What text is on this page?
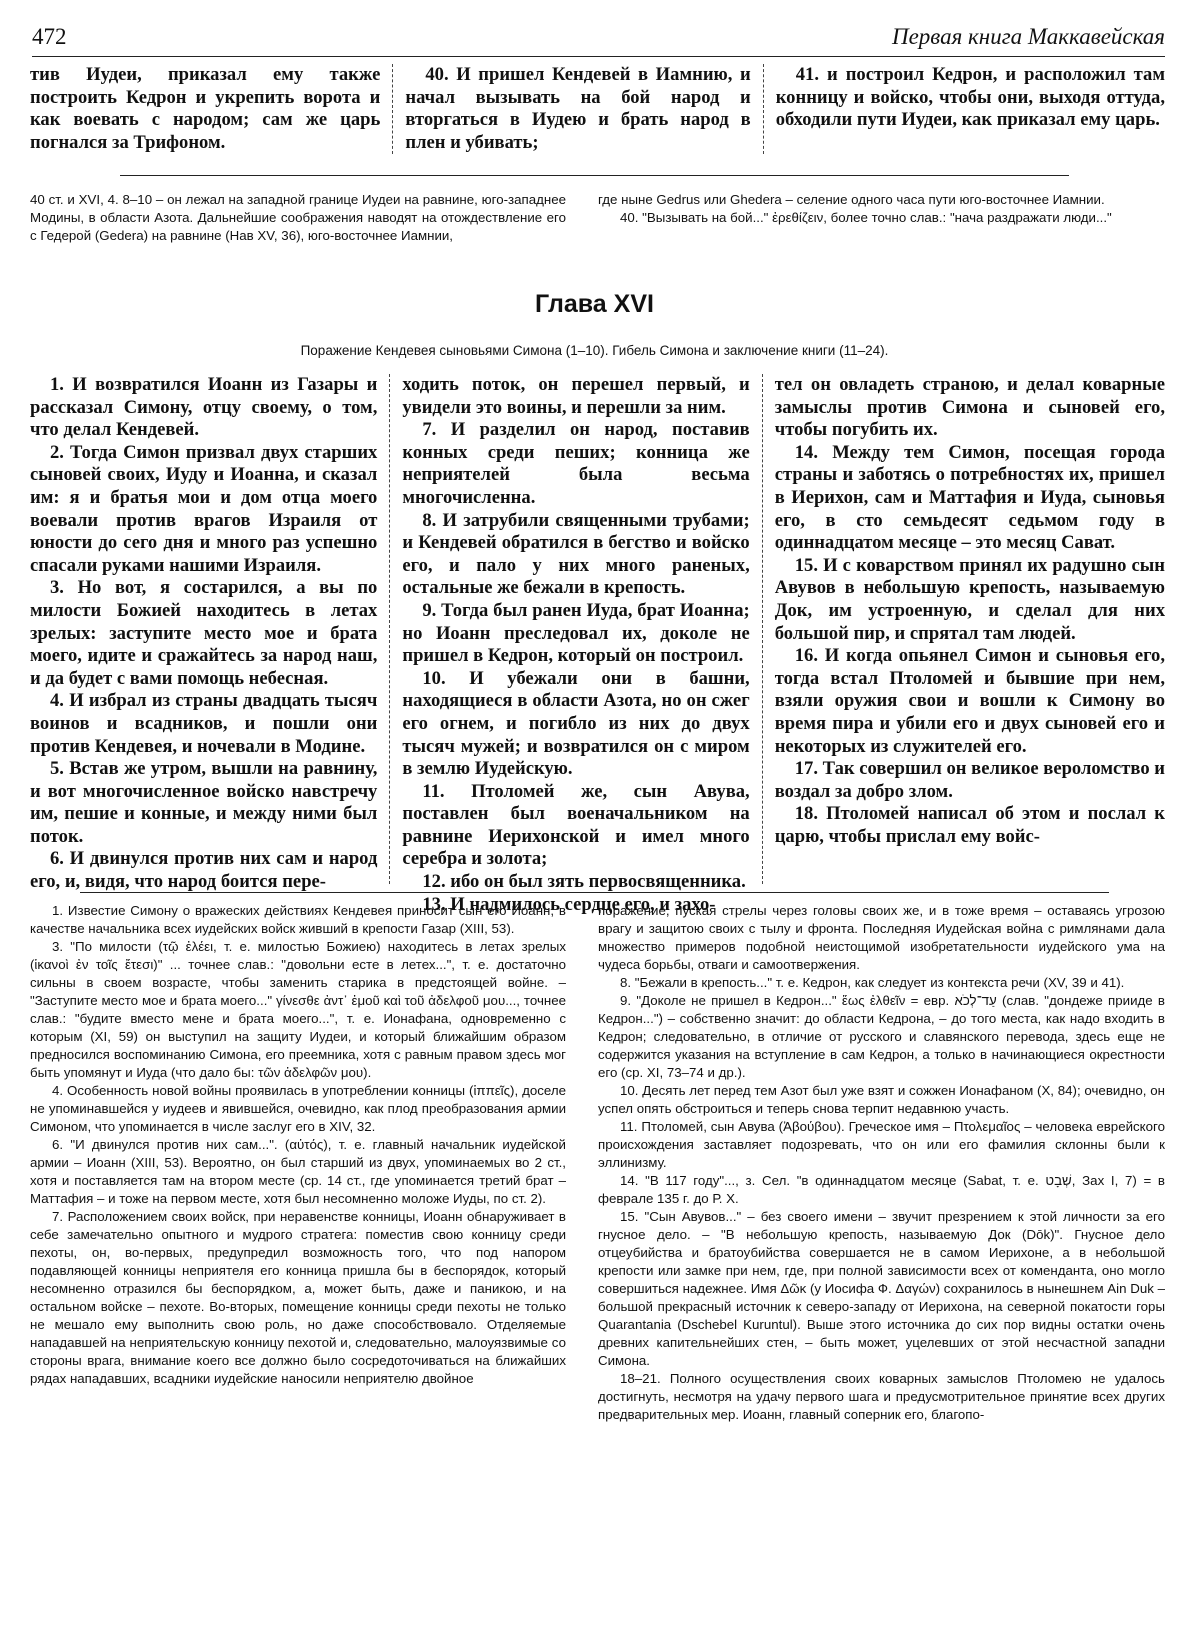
472	Первая книга Маккавейская

тив Иудеи, приказал ему также построить Кедрон и укрепить ворота и как воевать с народом; сам же царь погнался за Трифоном.

40. И пришел Кендевей в Иамнию, и начал вызывать на бой народ и вторгаться в Иудею и брать народ в плен и убивать;

41. и построил Кедрон, и расположил там конницу и войско, чтобы они, выходя оттуда, обходили пути Иудеи, как приказал ему царь.

40 ст. и XVI, 4. 8–10 – он лежал на западной границе Иудеи на равнине, юго-западнее Модины, в области Азота. Дальнейшие соображения наводят на отождествление его с Гедерой (Gedera) на равнине (Нав XV, 36), юго-восточнее Иамнии,

где ныне Gedrus или Ghedera – селение одного часа пути юго-восточнее Иамнии.

40. "Вызывать на бой..." ἐρεθίζειν, более точно слав.: "нача раздражати люди..."

Глава XVI
Поражение Кендевея сыновьями Симона (1–10). Гибель Симона и заключение книги (11–24).

1. И возвратился Иоанн из Газары и рассказал Симону, отцу своему, о том, что делал Кендевей.

2. Тогда Симон призвал двух старших сыновей своих, Иуду и Иоанна, и сказал им: я и братья мои и дом отца моего воевали против врагов Израиля от юности до сего дня и много раз успешно спасали руками нашими Израиля.

3. Но вот, я состарился, а вы по милости Божией находитесь в летах зрелых: заступите место мое и брата моего, идите и сражайтесь за народ наш, и да будет с вами помощь небесная.

4. И избрал из страны двадцать тысяч воинов и всадников, и пошли они против Кендевея, и ночевали в Модине.

5. Встав же утром, вышли на равнину, и вот многочисленное войско навстречу им, пешие и конные, и между ними был поток.

6. И двинулся против них сам и народ его, и, видя, что народ боится пере-

ходить поток, он перешел первый, и увидели это воины, и перешли за ним.

7. И разделил он народ, поставив конных среди пеших; конница же неприятелей была весьма многочисленна.

8. И затрубили священными трубами; и Кендевей обратился в бегство и войско его, и пало у них много раненых, остальные же бежали в крепость.

9. Тогда был ранен Иуда, брат Иоанна; но Иоанн преследовал их, доколе не пришел в Кедрон, который он построил.

10. И убежали они в башни, находящиеся в области Азота, но он сжег его огнем, и погибло из них до двух тысяч мужей; и возвратился он с миром в землю Иудейскую.

11. Птоломей же, сын Авува, поставлен был военачальником на равнине Иерихонской и имел много серебра и золота;

12. ибо он был зять первосвященника.

13. И надмилось сердце его, и захо-

тел он овладеть страною, и делал коварные замыслы против Симона и сыновей его, чтобы погубить их.

14. Между тем Симон, посещая города страны и заботясь о потребностях их, пришел в Иерихон, сам и Маттафия и Иуда, сыновья его, в сто семьдесят седьмом году в одиннадцатом месяце – это месяц Сават.

15. И с коварством принял их радушно сын Авувов в небольшую крепость, называемую Док, им устроенную, и сделал для них большой пир, и спрятал там людей.

16. И когда опьянел Симон и сыновья его, тогда встал Птоломей и бывшие при нем, взяли оружия свои и вошли к Симону во время пира и убили его и двух сыновей его и некоторых из служителей его.

17. Так совершил он великое вероломство и воздал за добро злом.

18. Птоломей написал об этом и послал к царю, чтобы прислал ему войс-

1. Известие Симону о вражеских действиях Кендевея приносит сын его Иоанн, в качестве начальника всех иудейских войск живший в крепости Газар (XIII, 53).

3. "По милости (τῷ ἐλέει, т. е. милостью Божиею) находитесь в летах зрелых (ἱκανοὶ ἐν τοῖς ἔτεσι)" ... точнее слав.: "довольни есте в летех...", т. е. достаточно сильны в своем возрасте, чтобы заменить старика в предстоящей войне. – "Заступите место мое и брата моего..." γίνεσθε ἀντ᾽ ἐμοῦ καὶ τοῦ ἀδελφοῦ μου..., точнее слав.: "будите вместо мене и брата моего...", т. е. Ионафана, одновременно с которым (XI, 59) он выступил на защиту Иудеи, и который ближайшим образом предносился воспоминанию Симона, его преемника, хотя с равным правом здесь мог быть упомянут и Иуда (что дало бы: τῶν ἀδελφῶν μου).

4. Особенность новой войны проявилась в употреблении конницы (ἱππεῖς), доселе не упоминавшейся у иудеев и явившейся, очевидно, как плод преобразования армии Симоном, что упоминается в числе заслуг его в XIV, 32.

6. "И двинулся против них сам...". (αὐτός), т. е. главный начальник иудейской армии – Иоанн (XIII, 53). Вероятно, он был старший из двух, упоминаемых во 2 ст., хотя и поставляется там на втором месте (ср. 14 ст., где упоминается третий брат – Маттафия – и тоже на первом месте, хотя был несомненно моложе Иуды, по ст. 2).

7. Расположением своих войск, при неравенстве конницы, Иоанн обнаруживает в себе замечательно опытного и мудрого стратега: поместив свою конницу среди пехоты, он, во-первых, предупредил возможность того, что под напором подавляющей конницы неприятеля его конница пришла бы в беспорядок, который несомненно отразился бы беспорядком, а, может быть, даже и паникою, и на остальном войске – пехоте. Во-вторых, помещение конницы среди пехоты не только не мешало ему выполнить свою роль, но даже способствовало. Отделяемые нападавшей на неприятельскую конницу пехотой и, следовательно, малоуязвимые со стороны врага, внимание коего все должно было сосредоточиваться на ближайших рядах нападавших, всадники иудейские наносили неприятелю двойное

поражение, пуская стрелы через головы своих же, и в тоже время – оставаясь угрозою врагу и защитою своих с тылу и фронта. Последняя Иудейская война с римлянами дала множество примеров подобной неистощимой изобретательности иудейского ума на чудеса борьбы, отваги и самоотвержения.

8. "Бежали в крепость..." т. е. Кедрон, как следует из контекста речи (XV, 39 и 41).

9. "Доколе не пришел в Кедрон..." ἕως ἐλθεῖν = евр. עַד־לְכֹא (слав. "дондеже прииде в Кедрон...") – собственно значит: до области Кедрона, – до того места, как надо входить в Кедрон; следовательно, в отличие от русского и славянского перевода, здесь еще не содержится указания на вступление в сам Кедрон, а только в начинающиеся окрестности его (ср. XI, 73–74 и др.).

10. Десять лет перед тем Азот был уже взят и сожжен Ионафаном (X, 84); очевидно, он успел опять обстроиться и теперь снова терпит недавнюю участь.

11. Птоломей, сын Авува (Ἀβούβου). Греческое имя – Πτολεμαῖος – человека еврейского происхождения заставляет подозревать, что он или его фамилия склонны были к эллинизму.

14. "В 117 году"..., з. Сел. "в одиннадцатом месяце (Sabat, т. е. שְׁבָט, Зах I, 7) = в феврале 135 г. до Р. Х.

15. "Сын Авувов..." – без своего имени – звучит презрением к этой личности за его гнусное дело. – "В небольшую крепость, называемую Док (Dōk)". Гнусное дело отцеубийства и братоубийства совершается не в самом Иерихоне, а в небольшой крепости или замке при нем, где, при полной зависимости всех от коменданта, оно могло совершиться надежнее. Имя Δῶκ (у Иосифа Ф. Δαγών) сохранилось в нынешнем Ain Duk – большой прекрасный источник к северо-западу от Иерихона, на северной покатости горы Quarantania (Dschebel Kuruntul). Выше этого источника до сих пор видны остатки очень древних капительнейших стен, – быть может, уцелевших от этой несчастной западни Симона.

18–21. Полного осуществления своих коварных замыслов Птоломею не удалось достигнуть, несмотря на удачу первого шага и предусмотрительное принятие всех других предварительных мер. Иоанн, главный соперник его, благопо-
